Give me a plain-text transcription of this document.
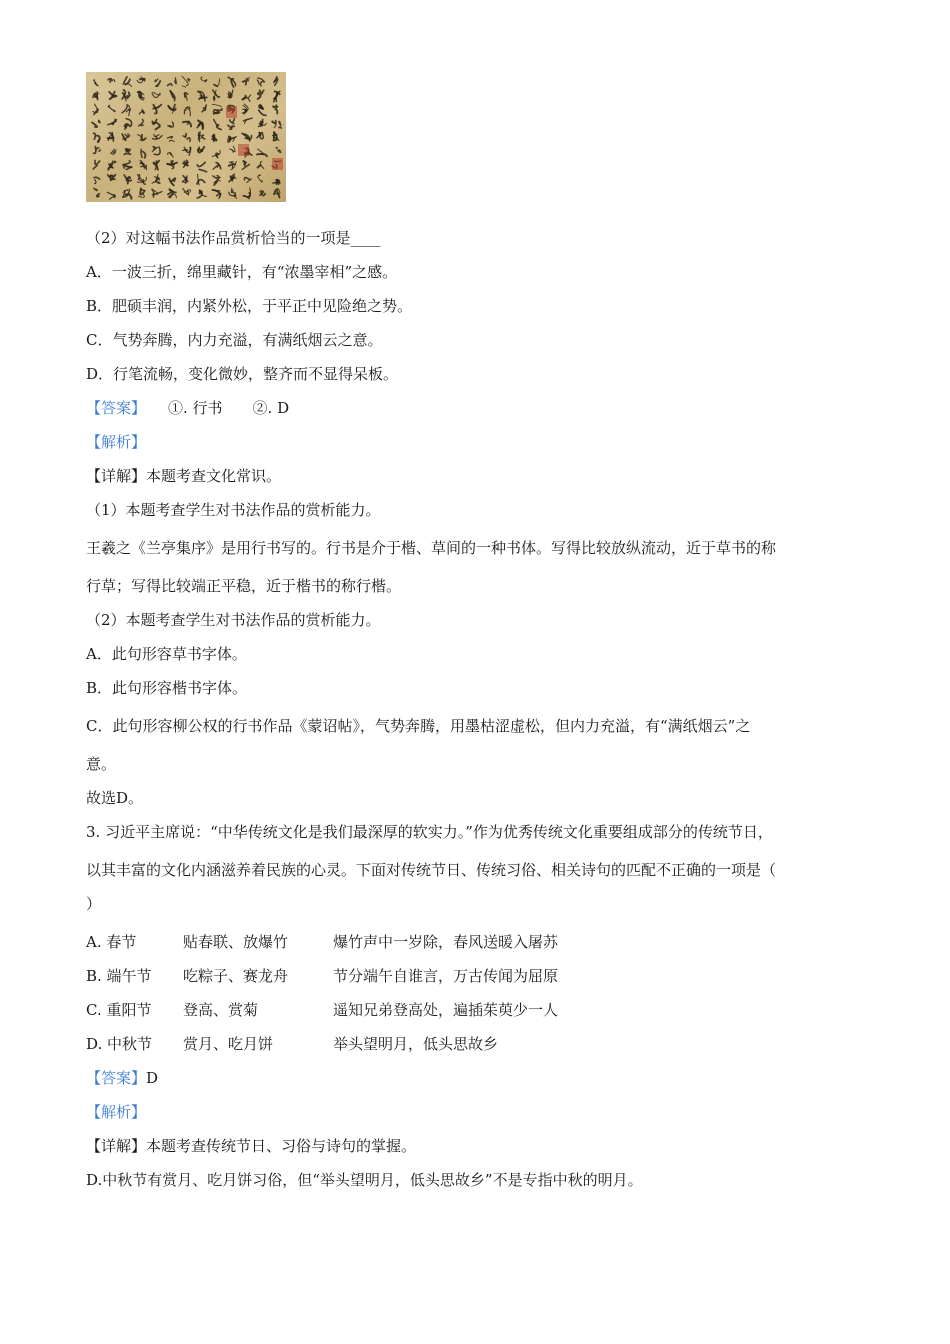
（2）对这幅书法作品赏析恰当的一项是____
A．一波三折，绵里藏针，有“浓墨宰相”之感。
B．肥硕丰润，内紧外松，于平正中见险绝之势。
C．气势奔腾，内力充溢，有满纸烟云之意。
D．行笔流畅，变化微妙，整齐而不显得呆板。
【答案】 ①. 行书　　②. D
【解析】
【详解】本题考查文化常识。
（1）本题考查学生对书法作品的赏析能力。
王羲之《兰亭集序》是用行书写的。行书是介于楷、草间的一种书体。写得比较放纵流动，近于草书的称
行草；写得比较端正平稳，近于楷书的称行楷。
（2）本题考查学生对书法作品的赏析能力。
A．此句形容草书字体。
B．此句形容楷书字体。
C．此句形容柳公权的行书作品《蒙诏帖》，气势奔腾，用墨枯涩虚松，但内力充溢，有“满纸烟云”之
意。
故选D。
3. 习近平主席说：“中华传统文化是我们最深厚的软实力。”作为优秀传统文化重要组成部分的传统节日，
以其丰富的文化内涵滋养着民族的心灵。下面对传统节日、传统习俗、相关诗句的匹配不正确的一项是（
）
A. 春节	贴春联、放爆竹	爆竹声中一岁除，春风送暖入屠苏
B. 端午节	吃粽子、赛龙舟	节分端午自谁言，万古传闻为屈原
C. 重阳节	登高、赏菊	遥知兄弟登高处，遍插茱萸少一人
D. 中秋节	赏月、吃月饼	举头望明月，低头思故乡
【答案】D
【解析】
【详解】本题考查传统节日、习俗与诗句的掌握。
D.中秋节有赏月、吃月饼习俗，但“举头望明月，低头思故乡”不是专指中秋的明月。
